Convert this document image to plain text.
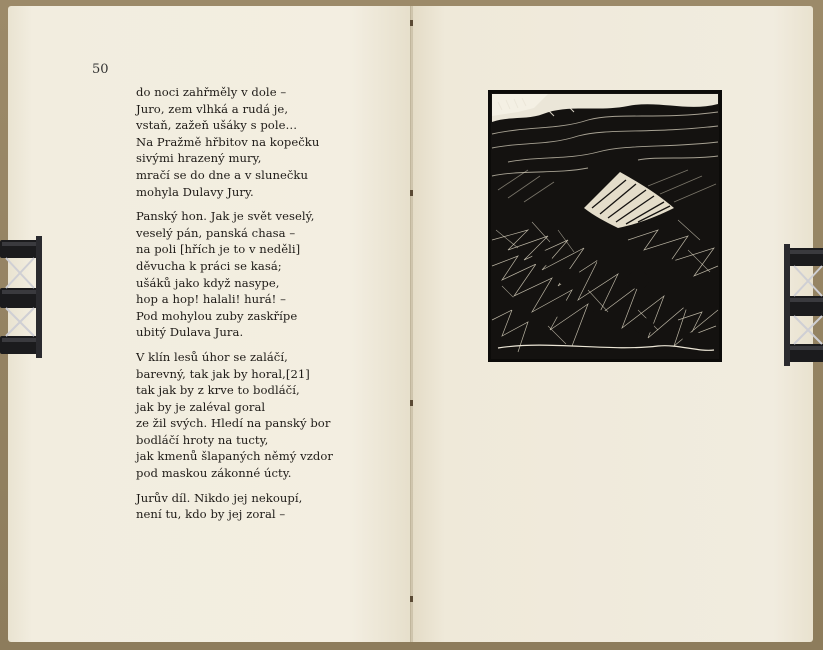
50
do noci zahřměly v dole –
Juro, zem vlhká a rudá je,
vstaň, zažeň ušáky s pole…
Na Pražmě hřbitov na kopečku
sivými hrazený mury,
mračí se do dne a v slunečku
mohyla Dulavy Jury.
Panský hon. Jak je svět veselý,
veselý pán, panská chasa –
na poli [hřích je to v neděli]
děvucha k práci se kasá;
ušáků jako když nasype,
hop a hop! halali! hurá! –
Pod mohylou zuby zaskřípe
ubitý Dulava Jura.
V klín lesů úhor se zaláčí,
barevný, tak jak by horal,[21]
tak jak by z krve to bodláčí,
jak by je zaléval goral
ze žil svých. Hledí na panský bor
bodláčí hroty na tucty,
jak kmenů šlapaných němý vzdor
pod maskou zákonné úcty.
Jurův díl. Nikdo jej nekoupí,
není tu, kdo by jej zoral –
